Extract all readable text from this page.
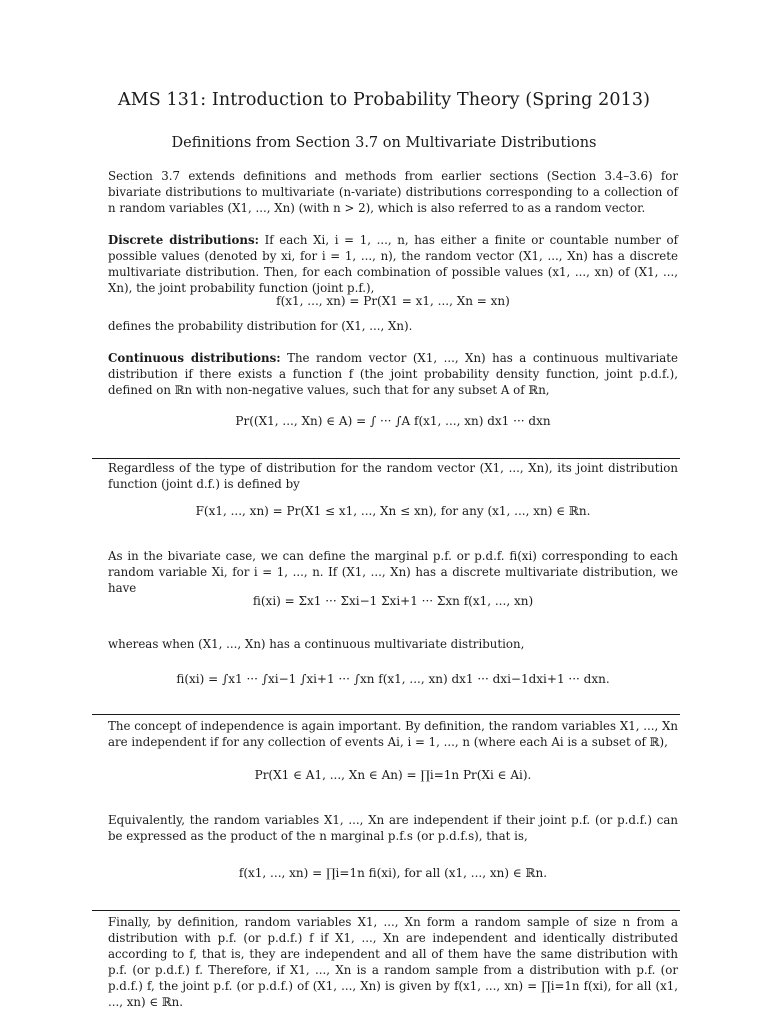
AMS 131: Introduction to Probability Theory (Spring 2013)
Definitions from Section 3.7 on Multivariate Distributions
Section 3.7 extends definitions and methods from earlier sections (Section 3.4–3.6) for bivariate distributions to multivariate (n-variate) distributions corresponding to a collection of n random variables (X1, ..., Xn) (with n > 2), which is also referred to as a random vector.
Discrete distributions: If each Xi, i = 1, ..., n, has either a finite or countable number of possible values (denoted by xi, for i = 1, ..., n), the random vector (X1, ..., Xn) has a discrete multivariate distribution. Then, for each combination of possible values (x1, ..., xn) of (X1, ..., Xn), the joint probability function (joint p.f.),
f(x1, ..., xn) = Pr(X1 = x1, ..., Xn = xn)
defines the probability distribution for (X1, ..., Xn).
Continuous distributions: The random vector (X1, ..., Xn) has a continuous multivariate distribution if there exists a function f (the joint probability density function, joint p.d.f.), defined on ℝn with non-negative values, such that for any subset A of ℝn,
Pr((X1, ..., Xn) ∈ A) = ∫ ··· ∫A f(x1, ..., xn) dx1 ··· dxn
Regardless of the type of distribution for the random vector (X1, ..., Xn), its joint distribution function (joint d.f.) is defined by
F(x1, ..., xn) = Pr(X1 ≤ x1, ..., Xn ≤ xn), for any (x1, ..., xn) ∈ ℝn.
As in the bivariate case, we can define the marginal p.f. or p.d.f. fi(xi) corresponding to each random variable Xi, for i = 1, ..., n. If (X1, ..., Xn) has a discrete multivariate distribution, we have
fi(xi) = Σx1 ··· Σxi−1 Σxi+1 ··· Σxn f(x1, ..., xn)
whereas when (X1, ..., Xn) has a continuous multivariate distribution,
fi(xi) = ∫x1 ··· ∫xi−1 ∫xi+1 ··· ∫xn f(x1, ..., xn) dx1 ··· dxi−1dxi+1 ··· dxn.
The concept of independence is again important. By definition, the random variables X1, ..., Xn are independent if for any collection of events Ai, i = 1, ..., n (where each Ai is a subset of ℝ),
Pr(X1 ∈ A1, ..., Xn ∈ An) = ∏i=1n Pr(Xi ∈ Ai).
Equivalently, the random variables X1, ..., Xn are independent if their joint p.f. (or p.d.f.) can be expressed as the product of the n marginal p.f.s (or p.d.f.s), that is,
f(x1, ..., xn) = ∏i=1n fi(xi), for all (x1, ..., xn) ∈ ℝn.
Finally, by definition, random variables X1, ..., Xn form a random sample of size n from a distribution with p.f. (or p.d.f.) f if X1, ..., Xn are independent and identically distributed according to f, that is, they are independent and all of them have the same distribution with p.f. (or p.d.f.) f. Therefore, if X1, ..., Xn is a random sample from a distribution with p.f. (or p.d.f.) f, the joint p.f. (or p.d.f.) of (X1, ..., Xn) is given by f(x1, ..., xn) = ∏i=1n f(xi), for all (x1, ..., xn) ∈ ℝn.
